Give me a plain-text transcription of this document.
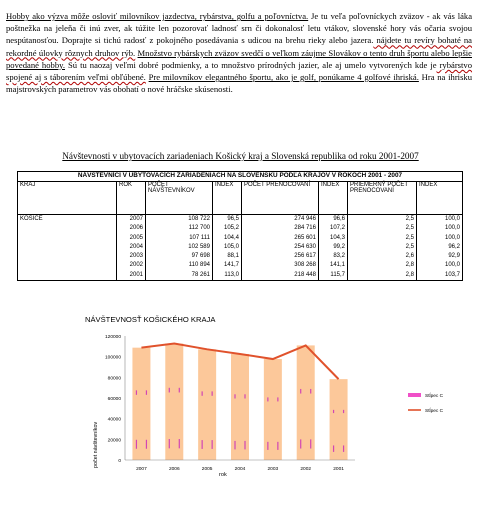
Hobby ako výzva môže osloviť milovníkov jazdectva, rybárstva, golfu a poľovníctva. Je tu veľa poľovníckych zväzov - ak vás láka poštnežka na jeleňa či inú zver, ak túžite len pozorovať ladnosť srn či dokonalosť letu vtákov, slovenské hory vás očaria svojou nespútanosťou. Doprajte si tichú radosť z pokojného posedávania s udicou na brehu rieky alebo jazera. nájdete tu revíry bohaté na rekordné úlovky rôznych druhov rýb. Množstvo rybárskych zväzov svedčí o veľkom záujme Slovákov o tento druh športu alebo lepšie povedané hobby. Sú tu naozaj veľmi dobré podmienky, a to množstvo prírodných jazier, ale aj umelo vytvorených kde je rybárstvo spojené aj s táborením veľmi obľúbené. Pre milovníkov elegantného športu, ako je golf, ponúkame 4 golfové ihriská. Hra na ihrisku majstrovských parametrov vás obohatí o nové hráčske skúsenosti.
Návštevnosti v ubytovacích zariadeniach Košický kraj a Slovenská republika od roku 2001-2007
NÁVŠTEVNÍCI V UBYTOVACÍCH ZARIADENIACH NA SLOVENSKU PODĽA KRAJOV V ROKOCH 2001 - 2007							
KRAJ	ROK	POČET NÁVŠTEVNÍKOV	INDEX	POČET PRENOCOVANÍ	INDEX	PRIEMERNÝ POČET PRENOCOVANÍ	INDEX
KOŠICE	2007	108 722	96,5	274 946	96,6	2,5	100,0
	2006	112 700	105,2	284 716	107,2	2,5	100,0
	2005	107 111	104,4	265 601	104,3	2,5	100,0
	2004	102 589	105,0	254 630	99,2	2,5	96,2
	2003	97 698	88,1	256 617	83,2	2,6	92,9
	2002	110 894	141,7	308 268	141,1	2,8	100,0
	2001	78 261	113,0	218 448	115,7	2,8	103,7
NÁVŠTEVNOSŤ KOŠICKÉHO KRAJA
0
20000
40000
60000
80000
100000
120000
2007	2006	2005	2004	2003	2002	2001
rok
počet návštevníkov
Stĺpec C
Stĺpec C
